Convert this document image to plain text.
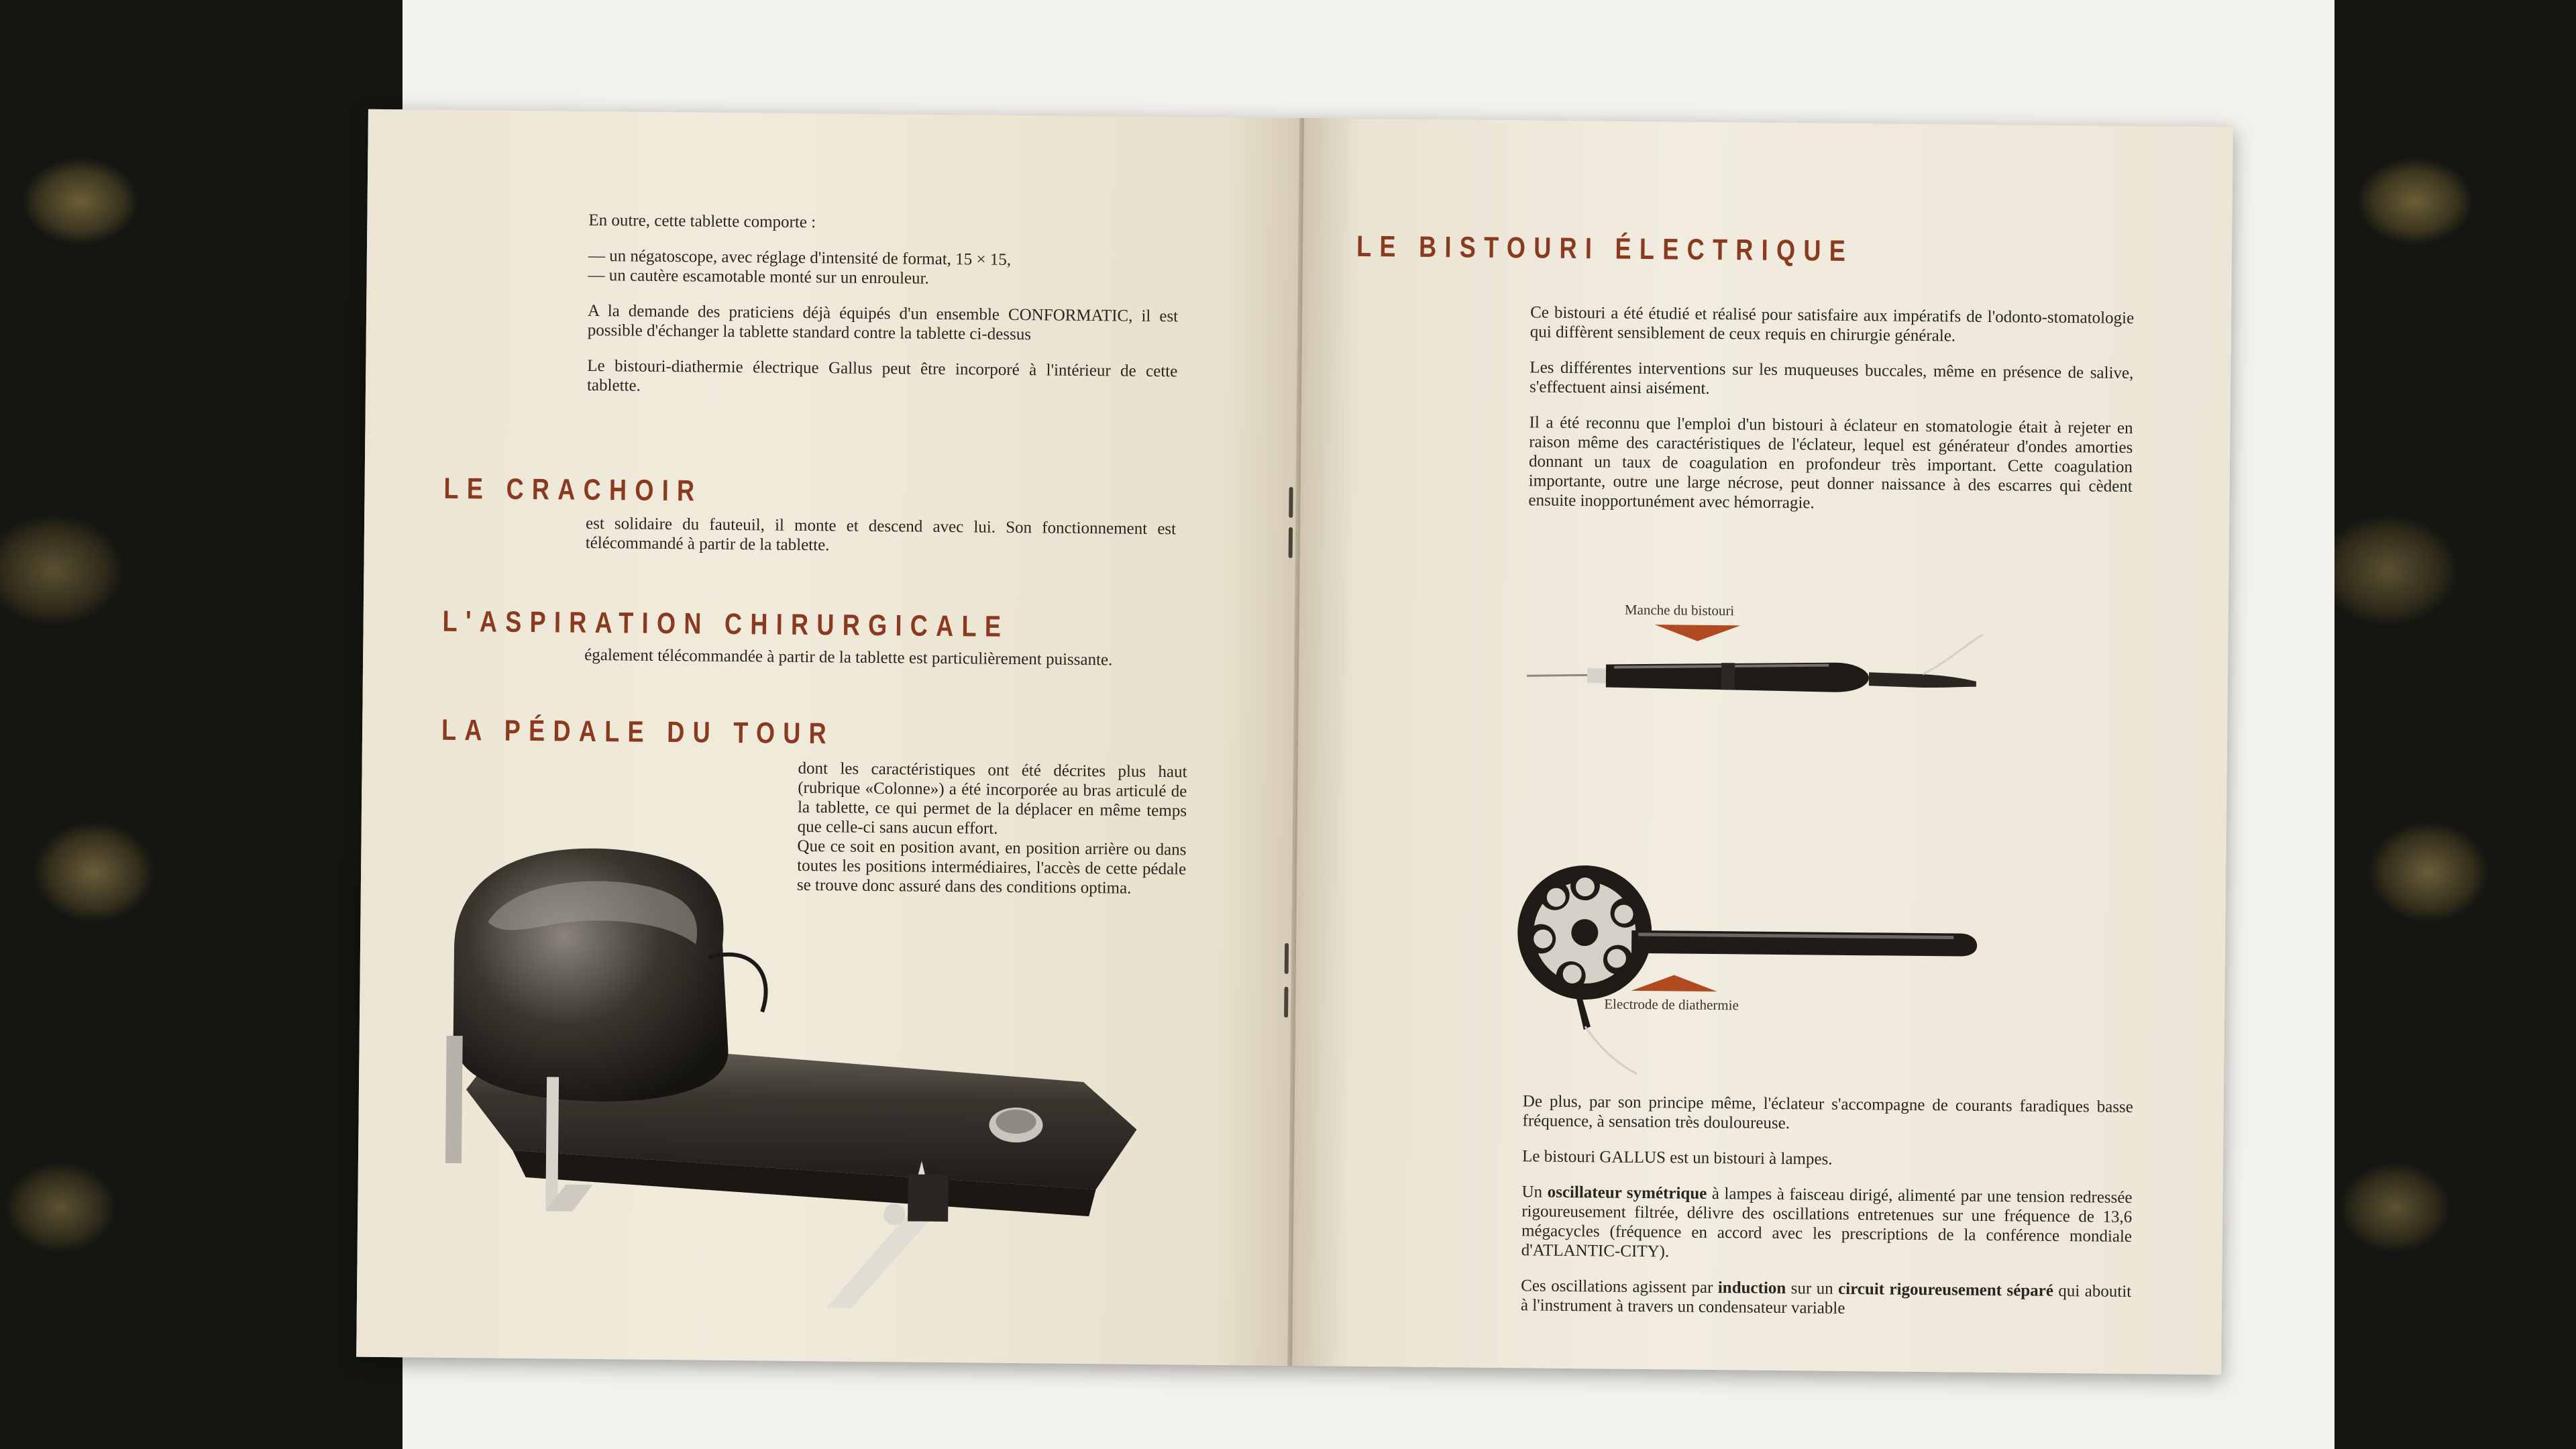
En outre, cette tablette comporte :

— un négatoscope, avec réglage d'intensité de format, 15 × 15,

— un cautère escamotable monté sur un enrouleur.

A la demande des praticiens déjà équipés d'un ensemble CONFORMATIC, il est possible d'échanger la tablette standard contre la tablette ci-dessus

Le bistouri-diathermie électrique Gallus peut être incorporé à l'intérieur de cette tablette.

LE CRACHOIR
est solidaire du fauteuil, il monte et descend avec lui. Son fonctionnement est télécommandé à partir de la tablette.
L'ASPIRATION CHIRURGICALE
également télécommandée à partir de la tablette est particulièrement puissante.
LA PÉDALE DU TOUR

dont les caractéristiques ont été décrites plus haut (rubrique «Colonne») a été incorporée au bras articulé de la tablette, ce qui permet de la déplacer en même temps que celle-ci sans aucun effort.

Que ce soit en position avant, en position arrière ou dans toutes les positions intermédiaires, l'accès de cette pédale se trouve donc assuré dans des conditions optima.

LE BISTOURI ÉLECTRIQUE

Ce bistouri a été étudié et réalisé pour satisfaire aux impératifs de l'odonto-stomatologie qui diffèrent sensiblement de ceux requis en chirurgie générale.

Les différentes interventions sur les muqueuses buccales, même en présence de salive, s'effectuent ainsi aisément.

Il a été reconnu que l'emploi d'un bistouri à éclateur en stomatologie était à rejeter en raison même des caractéristiques de l'éclateur, lequel est générateur d'ondes amorties donnant un taux de coagulation en profondeur très important. Cette coagulation importante, outre une large nécrose, peut donner naissance à des escarres qui cèdent ensuite inopportunément avec hémorragie.

Manche du bistouri
Electrode de diathermie

De plus, par son principe même, l'éclateur s'accompagne de courants faradiques basse fréquence, à sensation très douloureuse.

Le bistouri GALLUS est un bistouri à lampes.

Un oscillateur symétrique à lampes à faisceau dirigé, alimenté par une tension redressée rigoureusement filtrée, délivre des oscillations entretenues sur une fréquence de 13,6 mégacycles (fréquence en accord avec les prescriptions de la conférence mondiale d'ATLANTIC-CITY).

Ces oscillations agissent par induction sur un circuit rigoureusement séparé qui aboutit à l'instrument à travers un condensateur variable
